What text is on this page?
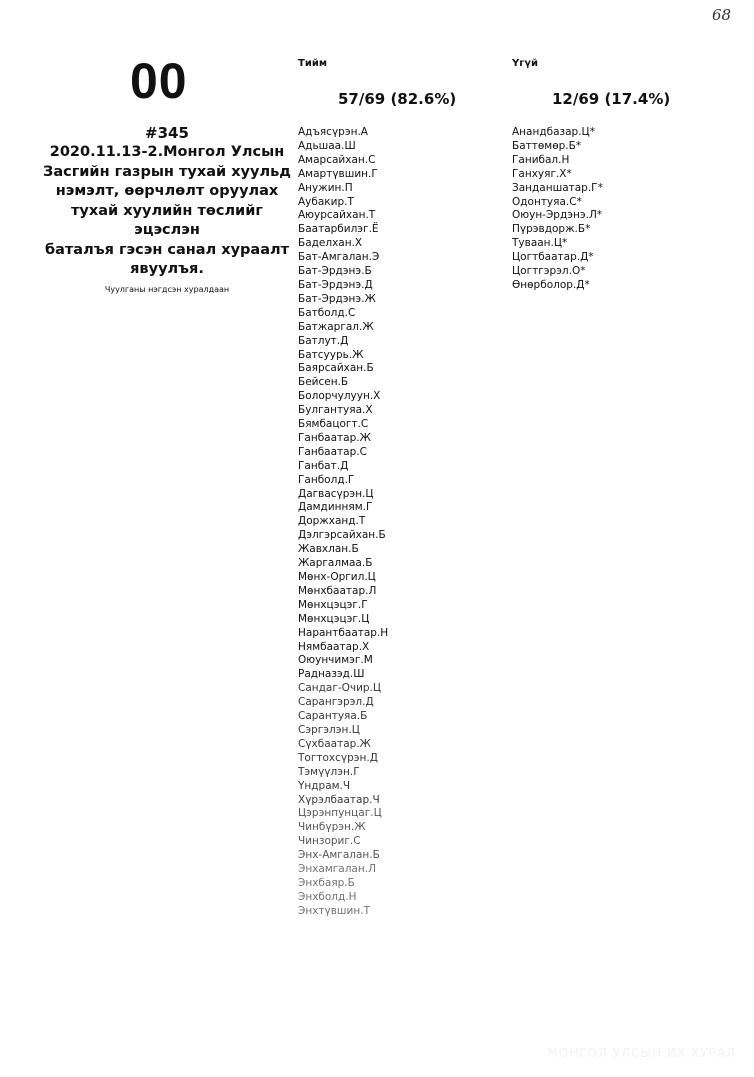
68
00
#345
2020.11.13-2.Монгол Улсын
Засгийн газрын тухай хуульд
нэмэлт, өөрчлөлт оруулах
тухай хуулийн төслийг эцэслэн
баталъя гэсэн санал хураалт
явуулъя.
Чуулганы нэгдсэн хуралдаан
Тийм	Үгүй
57/69 (82.6%)	12/69 (17.4%)
Адъясүрэн.А
Адьшаа.Ш
Амарсайхан.С
Амартүвшин.Г
Анужин.П
Аубакир.Т
Аюурсайхан.Т
Баатарбилэг.Ё
Баделхан.Х
Бат-Амгалан.Э
Бат-Эрдэнэ.Б
Бат-Эрдэнэ.Д
Бат-Эрдэнэ.Ж
Батболд.С
Батжаргал.Ж
Батлут.Д
Батсуурь.Ж
Баярсайхан.Б
Бейсен.Б
Болорчулуун.Х
Булгантуяа.Х
Бямбацогт.С
Ганбаатар.Ж
Ганбаатар.С
Ганбат.Д
Ганболд.Г
Дагвасүрэн.Ц
Дамдинням.Г
Доржханд.Т
Дэлгэрсайхан.Б
Жавхлан.Б
Жаргалмаа.Б
Мөнх-Оргил.Ц
Мөнхбаатар.Л
Мөнхцэцэг.Г
Мөнхцэцэг.Ц
Нарантбаатар.Н
Нямбаатар.Х
Оюунчимэг.М
Радназэд.Ш
Сандаг-Очир.Ц
Сарангэрэл.Д
Сарантуяа.Б
Сэргэлэн.Ц
Сүхбаатар.Ж
Тогтохсүрэн.Д
Тэмүүлэн.Г
Үндрам.Ч
Хүрэлбаатар.Ч
Цэрэнпунцаг.Ц
Чинбүрэн.Ж
Чинзориг.С
Энх-Амгалан.Б
Энхамгалан.Л
Энхбаяр.Б
Энхболд.Н
Энхтүвшин.Т
Анандбазар.Ц*
Баттөмөр.Б*
Ганибал.Н
Ганхуяг.Х*
Занданшатар.Г*
Одонтуяа.С*
Оюун-Эрдэнэ.Л*
Пүрэвдорж.Б*
Туваан.Ц*
Цогтбаатар.Д*
Цогтгэрэл.О*
Өнөрболор.Д*
МОНГОЛ УЛСЫН ИХ ХУРАЛ
